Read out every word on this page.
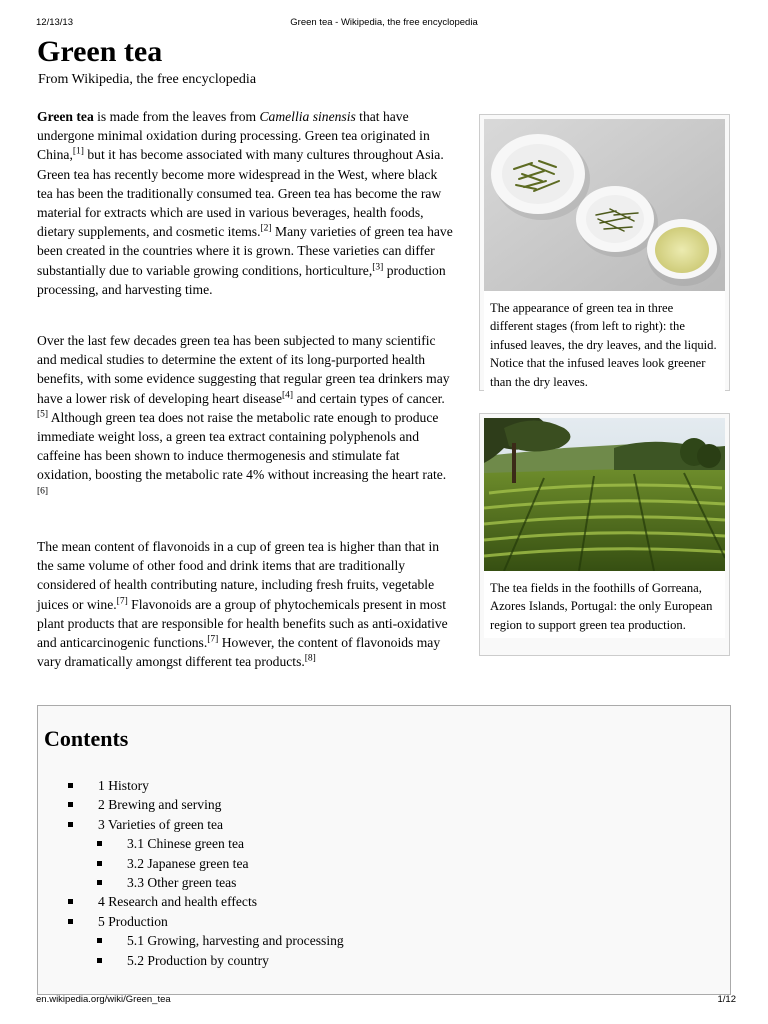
12/13/13	Green tea - Wikipedia, the free encyclopedia
Green tea
From Wikipedia, the free encyclopedia

Green tea is made from the leaves from Camellia sinensis that have undergone minimal oxidation during processing. Green tea originated in China,[1] but it has become associated with many cultures throughout Asia. Green tea has recently become more widespread in the West, where black tea has been the traditionally consumed tea. Green tea has become the raw material for extracts which are used in various beverages, health foods, dietary supplements, and cosmetic items.[2] Many varieties of green tea have been created in the countries where it is grown. These varieties can differ substantially due to variable growing conditions, horticulture,[3] production processing, and harvesting time.

Over the last few decades green tea has been subjected to many scientific and medical studies to determine the extent of its long-purported health benefits, with some evidence suggesting that regular green tea drinkers may have a lower risk of developing heart disease[4] and certain types of cancer.[5] Although green tea does not raise the metabolic rate enough to produce immediate weight loss, a green tea extract containing polyphenols and caffeine has been shown to induce thermogenesis and stimulate fat oxidation, boosting the metabolic rate 4% without increasing the heart rate.[6]

The mean content of flavonoids in a cup of green tea is higher than that in the same volume of other food and drink items that are traditionally considered of health contributing nature, including fresh fruits, vegetable juices or wine.[7] Flavonoids are a group of phytochemicals present in most plant products that are responsible for health benefits such as anti-oxidative and anticarcinogenic functions.[7] However, the content of flavonoids may vary dramatically amongst different tea products.[8]

The appearance of green tea in three different stages (from left to right): the infused leaves, the dry leaves, and the liquid. Notice that the infused leaves look greener than the dry leaves.
The tea fields in the foothills of Gorreana, Azores Islands, Portugal: the only European region to support green tea production.
Contents
1 History
2 Brewing and serving
3 Varieties of green tea
3.1 Chinese green tea
3.2 Japanese green tea
3.3 Other green teas
4 Research and health effects
5 Production
5.1 Growing, harvesting and processing
5.2 Production by country
en.wikipedia.org/wiki/Green_tea	1/12
